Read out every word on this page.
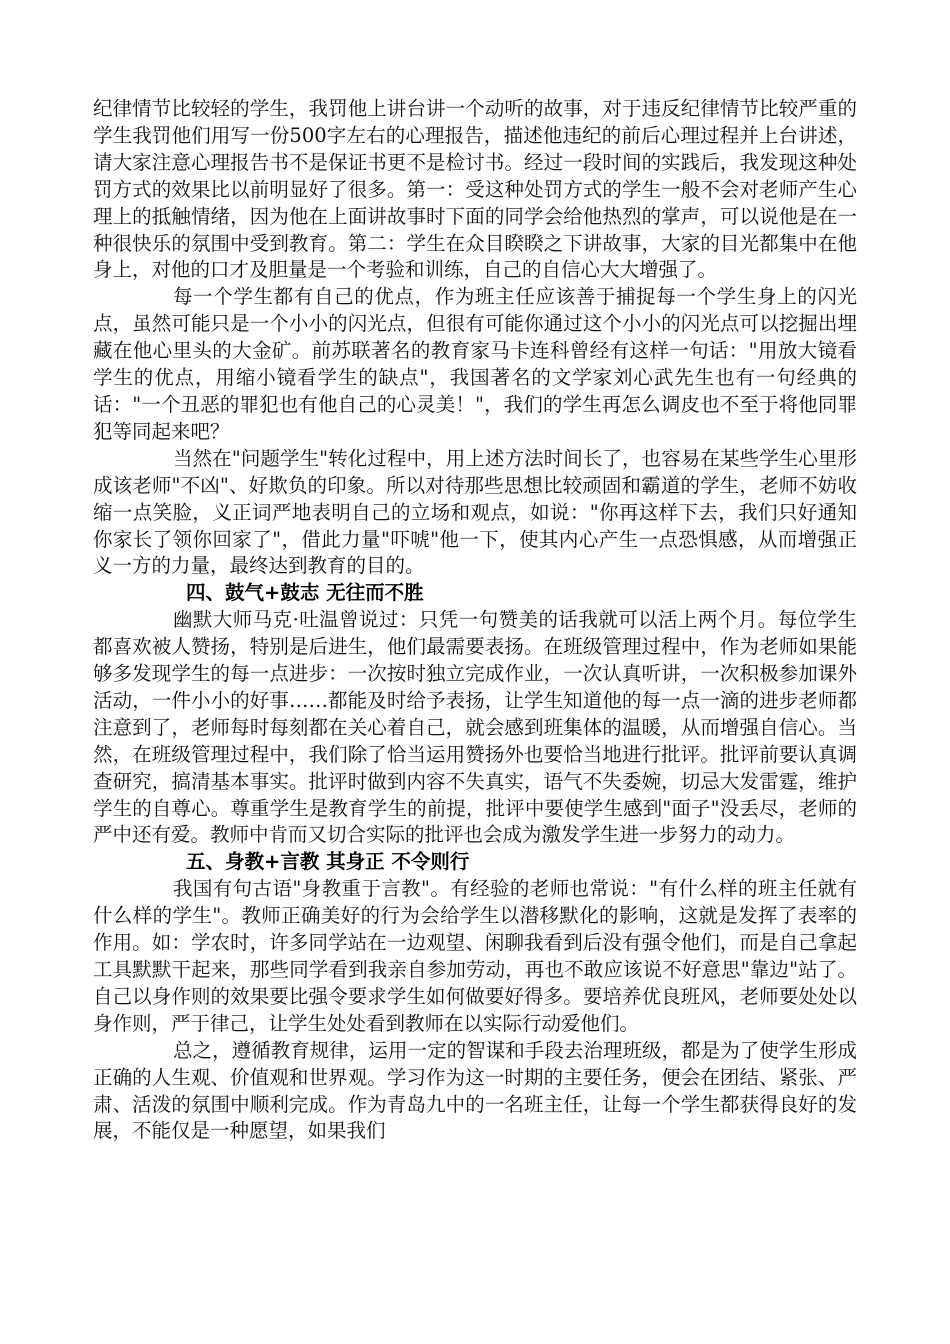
纪律情节比较轻的学生，我罚他上讲台讲一个动听的故事，对于违反纪律情节比较严重的学生我罚他们用写一份500字左右的心理报告，描述他违纪的前后心理过程并上台讲述，请大家注意心理报告书不是保证书更不是检讨书。经过一段时间的实践后，我发现这种处罚方式的效果比以前明显好了很多。第一：受这种处罚方式的学生一般不会对老师产生心理上的抵触情绪，因为他在上面讲故事时下面的同学会给他热烈的掌声，可以说他是在一种很快乐的氛围中受到教育。第二：学生在众目睽睽之下讲故事，大家的目光都集中在他身上，对他的口才及胆量是一个考验和训练，自己的自信心大大增强了。

每一个学生都有自己的优点，作为班主任应该善于捕捉每一个学生身上的闪光点，虽然可能只是一个小小的闪光点，但很有可能你通过这个小小的闪光点可以挖掘出埋藏在他心里头的大金矿。前苏联著名的教育家马卡连科曾经有这样一句话："用放大镜看学生的优点，用缩小镜看学生的缺点"，我国著名的文学家刘心武先生也有一句经典的话："一个丑恶的罪犯也有他自己的心灵美！"，我们的学生再怎么调皮也不至于将他同罪犯等同起来吧？

当然在"问题学生"转化过程中，用上述方法时间长了，也容易在某些学生心里形成该老师"不凶"、好欺负的印象。所以对待那些思想比较顽固和霸道的学生，老师不妨收缩一点笑脸，义正词严地表明自己的立场和观点，如说："你再这样下去，我们只好通知你家长了领你回家了"，借此力量"吓唬"他一下，使其内心产生一点恐惧感，从而增强正义一方的力量，最终达到教育的目的。

四、鼓气+鼓志 无往而不胜

幽默大师马克·吐温曾说过：只凭一句赞美的话我就可以活上两个月。每位学生都喜欢被人赞扬，特别是后进生，他们最需要表扬。在班级管理过程中，作为老师如果能够多发现学生的每一点进步：一次按时独立完成作业，一次认真听讲，一次积极参加课外活动，一件小小的好事……都能及时给予表扬，让学生知道他的每一点一滴的进步老师都注意到了，老师每时每刻都在关心着自己，就会感到班集体的温暖，从而增强自信心。当然，在班级管理过程中，我们除了恰当运用赞扬外也要恰当地进行批评。批评前要认真调查研究，搞清基本事实。批评时做到内容不失真实，语气不失委婉，切忌大发雷霆，维护学生的自尊心。尊重学生是教育学生的前提，批评中要使学生感到"面子"没丢尽，老师的严中还有爱。教师中肯而又切合实际的批评也会成为激发学生进一步努力的动力。

五、身教+言教 其身正 不令则行

我国有句古语"身教重于言教"。有经验的老师也常说："有什么样的班主任就有什么样的学生"。教师正确美好的行为会给学生以潜移默化的影响，这就是发挥了表率的作用。如：学农时，许多同学站在一边观望、闲聊我看到后没有强令他们，而是自己拿起工具默默干起来，那些同学看到我亲自参加劳动，再也不敢应该说不好意思"靠边"站了。自己以身作则的效果要比强令要求学生如何做要好得多。要培养优良班风，老师要处处以身作则，严于律己，让学生处处看到教师在以实际行动爱他们。

总之，遵循教育规律，运用一定的智谋和手段去治理班级，都是为了使学生形成正确的人生观、价值观和世界观。学习作为这一时期的主要任务，便会在团结、紧张、严肃、活泼的氛围中顺利完成。作为青岛九中的一名班主任，让每一个学生都获得良好的发展，不能仅是一种愿望，如果我们
